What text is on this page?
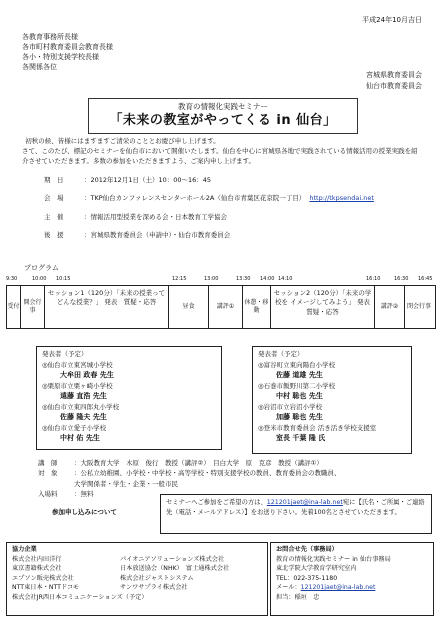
平成24年10月吉日
各教育事務所長様
各市町村教育委員会教育長様
各小・特別支援学校長様
各関係各位
宮城県教育委員会
仙台市教育委員会
教育の情報化実践セミナー
「未来の教室がやってくる in 仙台」

初秋の候、皆様にはますますご清栄のこととお慶び申し上げます。

さて、このたび、標記のセミナーを仙台市において開催いたします。仙台を中心に宮城県各地で実践されている情報活用の授業実践を紹介させていただきます。多数の参加をいただきますよう、ご案内申し上げます。

期　日	：2012年12月1日（土）10：00～16：45
会　場	：TKP仙台カンファレンスセンターホール2A（仙台市青葉区花京院一丁目） http://tkpsendai.net
主　催	：情報活用型授業を深める会・日本教育工学協会
後　援	：宮城県教育委員会（申請中）・仙台市教育委員会
プログラム
9:30	10:00 10:15	12:15	13:00	13:30 14:00 14:10	16:10	16:30 16:45
受付
開会行事
セッション1（120分）「未来の授業って どんな授業？」 発表　質疑・応答
昼食	講評①
休憩・移動
セッション2（120分）「未来の学校を イメージしてみよう」 発表　質疑・応答
講評②	閉会行事
発表者（予定）
◎仙台市立東宮城小学校
大牟田 政春 先生
◎栗原市立栗ヶ崎小学校
遠藤 直浩 先生
◎仙台市立東四郎丸小学校
佐藤 隆夫 先生
◎仙台市立愛子小学校
中村 佑 先生
発表者（予定）
◎富谷町立東向陽台小学校
佐藤 道雄 先生
◎石巻市飯野川第二小学校
中村 聡也 先生
◎岩沼市立岩沼小学校
加藤 聡也 先生
◎登米市教育委員会 活き活き学校支援室
室長 千葉 隆 氏
講　師	：大阪教育大学　木原　俊行　教授（講評②）　目白大学　原　克彦　教授（講評①）
対　象	：公私立幼稚園、小学校・中学校・高等学校・特別支援学校の教員、教育委員会の教職員、
大学関係者・学生・企業・一般市民
入場料	：無料
参加申し込みについて
セミナーへご参加をご希望の方は、121201jaet@ina-lab.net宛に【氏名・ご所属・ご連絡先（電話・メールアドレス）】をお送り下さい。先着100名とさせていただきます。
協力企業
株式会社内田洋行	パイオニアソリューションズ株式会社
東京書籍株式会社	日本放送協会（NHK）　富士通株式会社
エプソン販売株式会社	株式会社ジャストシステム
NTT東日本・NTTドコモ	サンワサプライ株式会社
株式会社JR西日本コミュニケーションズ（予定）
お問合せ先（事務局）
教育の情報化実践セミナー in 仙台事務局
東北学院大学教育学研究室内
TEL：022-375-1180
メール：121201jaet@ina-lab.net
担当：稲垣　忠
